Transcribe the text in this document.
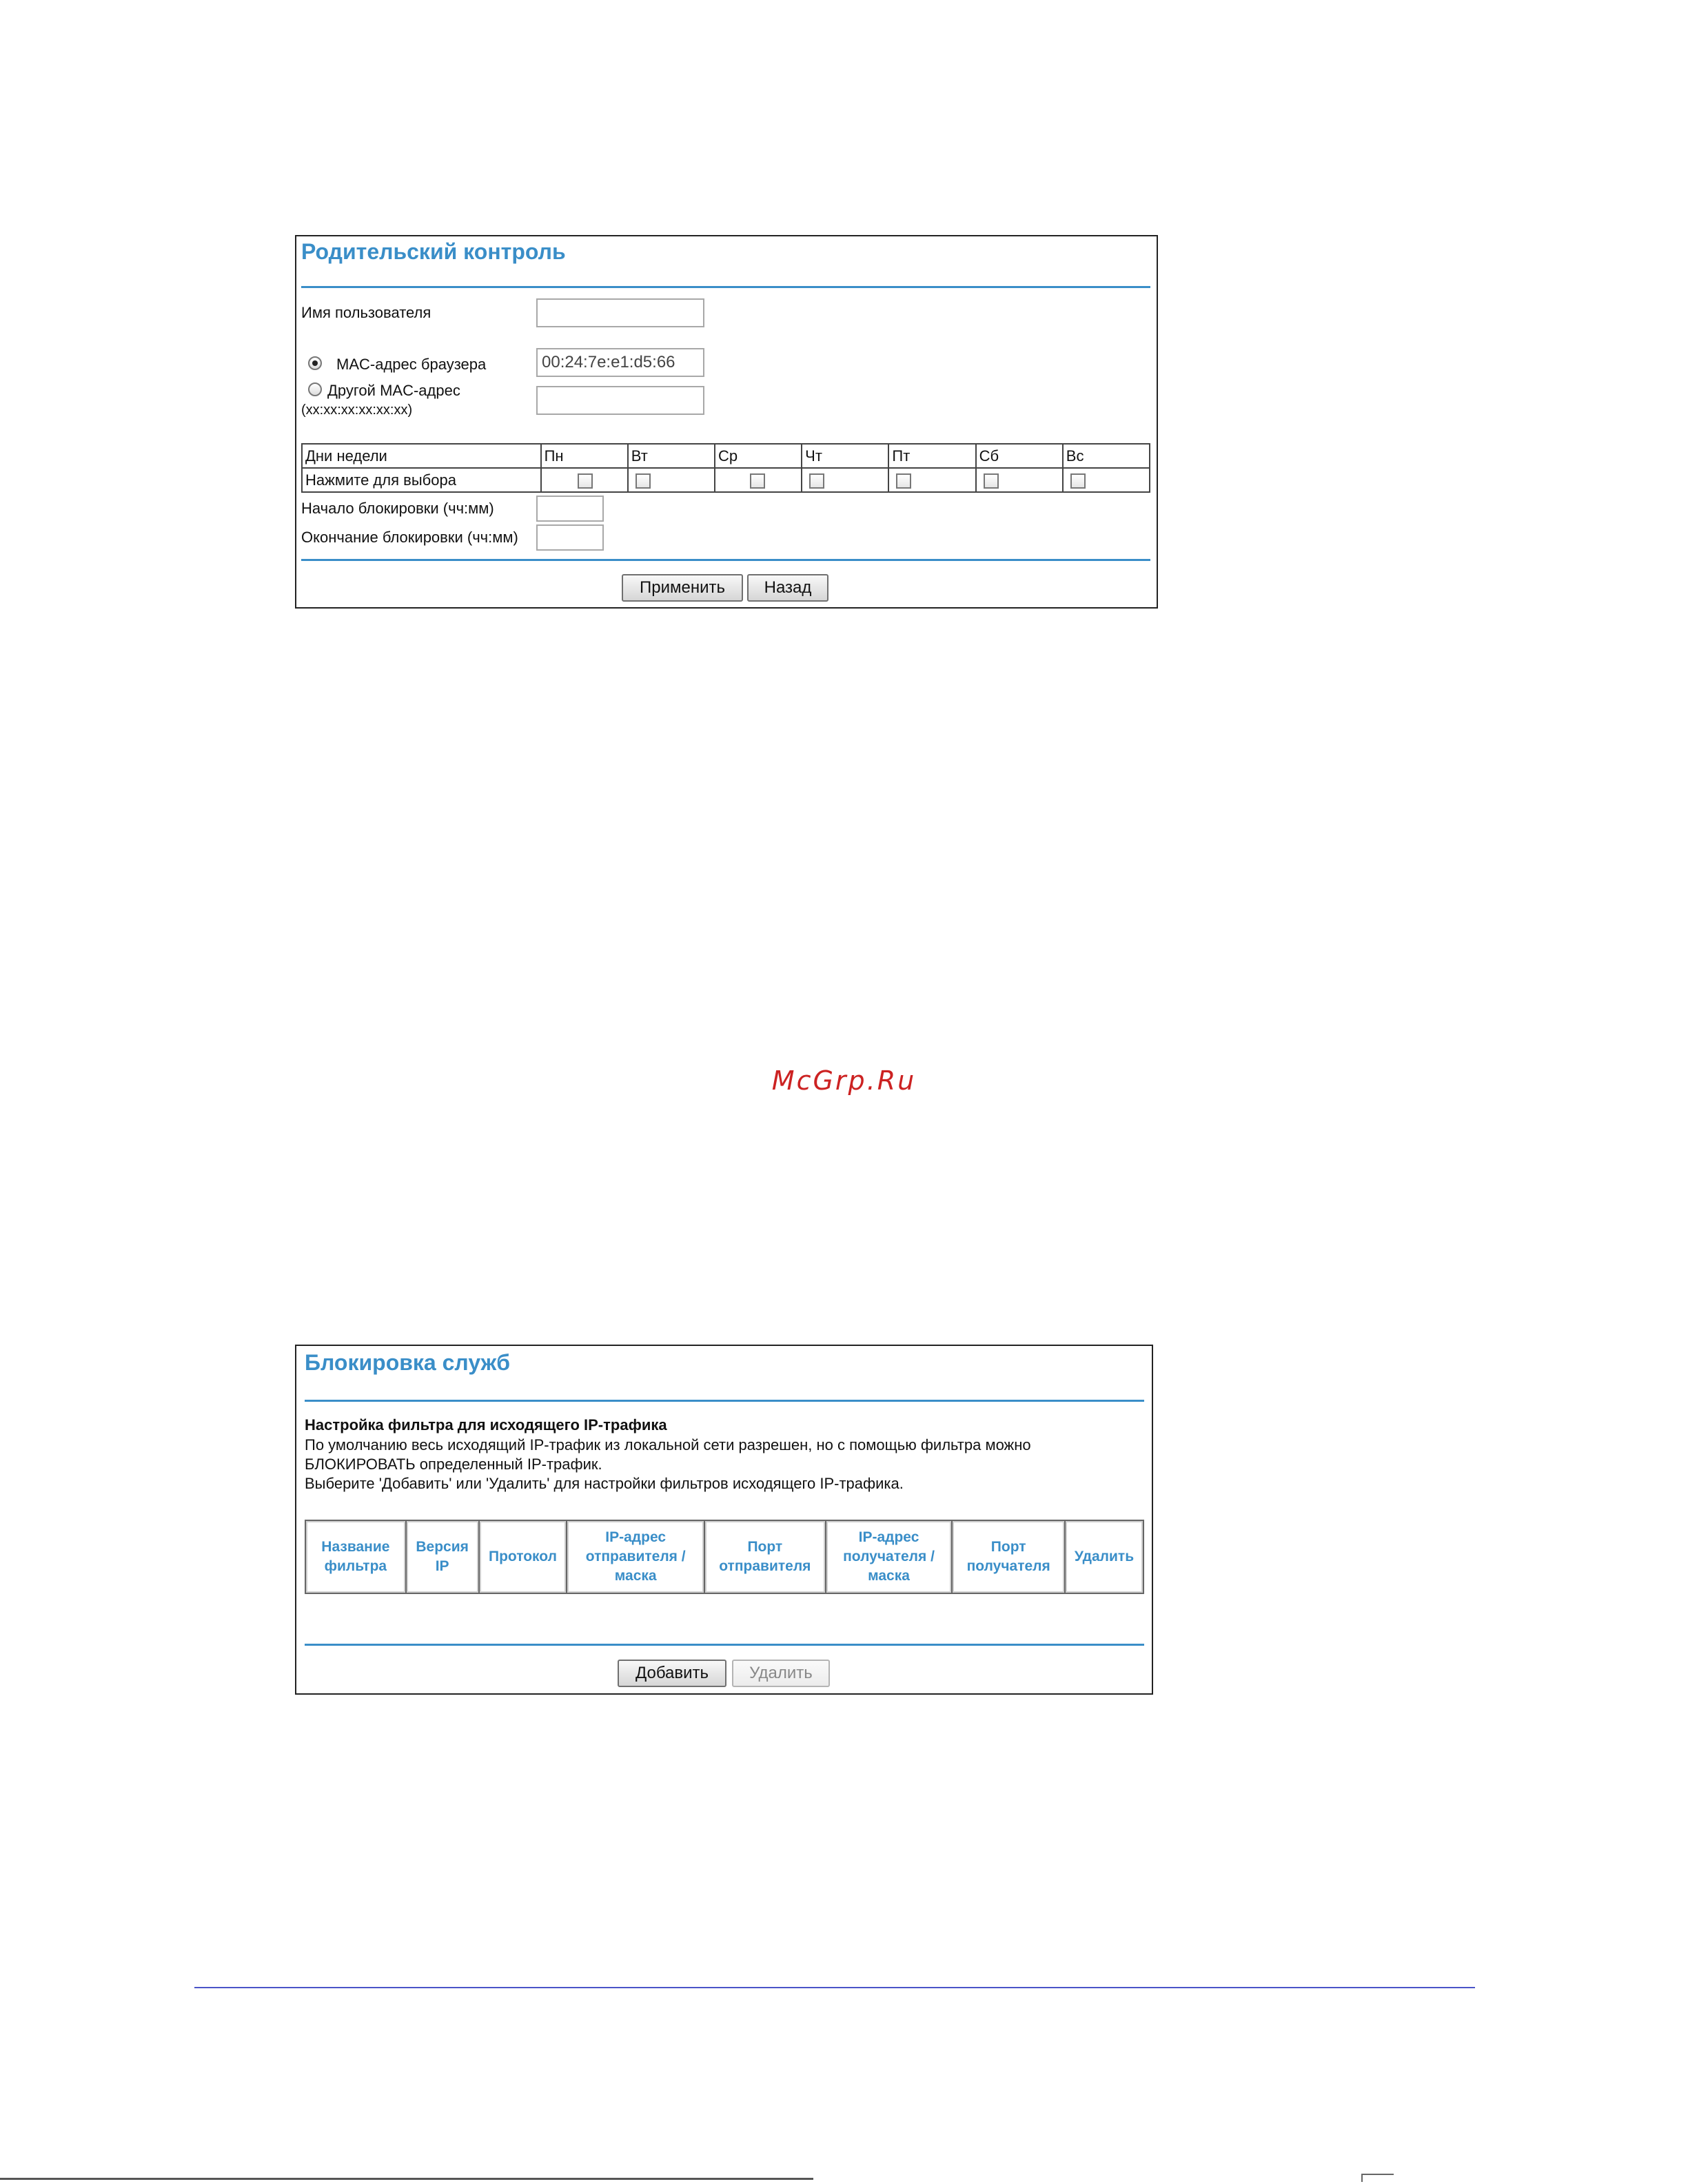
Родительский контроль
Имя пользователя
MAC-адрес браузера	00:24:7e:e1:d5:66
Другой MAC-адрес
(xx:xx:xx:xx:xx:xx)
Дни недели	Пн	Вт	Ср	Чт	Пт	Сб	Вс
Нажмите для выбора							
Начало блокировки (чч:мм)
Окончание блокировки (чч:мм)
Применить	Назад
McGrp.Ru
Блокировка служб
Настройка фильтра для исходящего IP-трафика
По умолчанию весь исходящий IP-трафик из локальной сети разрешен, но с помощью фильтра можно
БЛОКИРОВАТЬ определенный IP-трафик.
Выберите 'Добавить' или 'Удалить' для настройки фильтров исходящего IP-трафика.
Название фильтра	Версия IP	Протокол	IP-адрес отправителя / маска	Порт отправителя	IP-адрес получателя / маска	Порт получателя	Удалить
Добавить	Удалить
